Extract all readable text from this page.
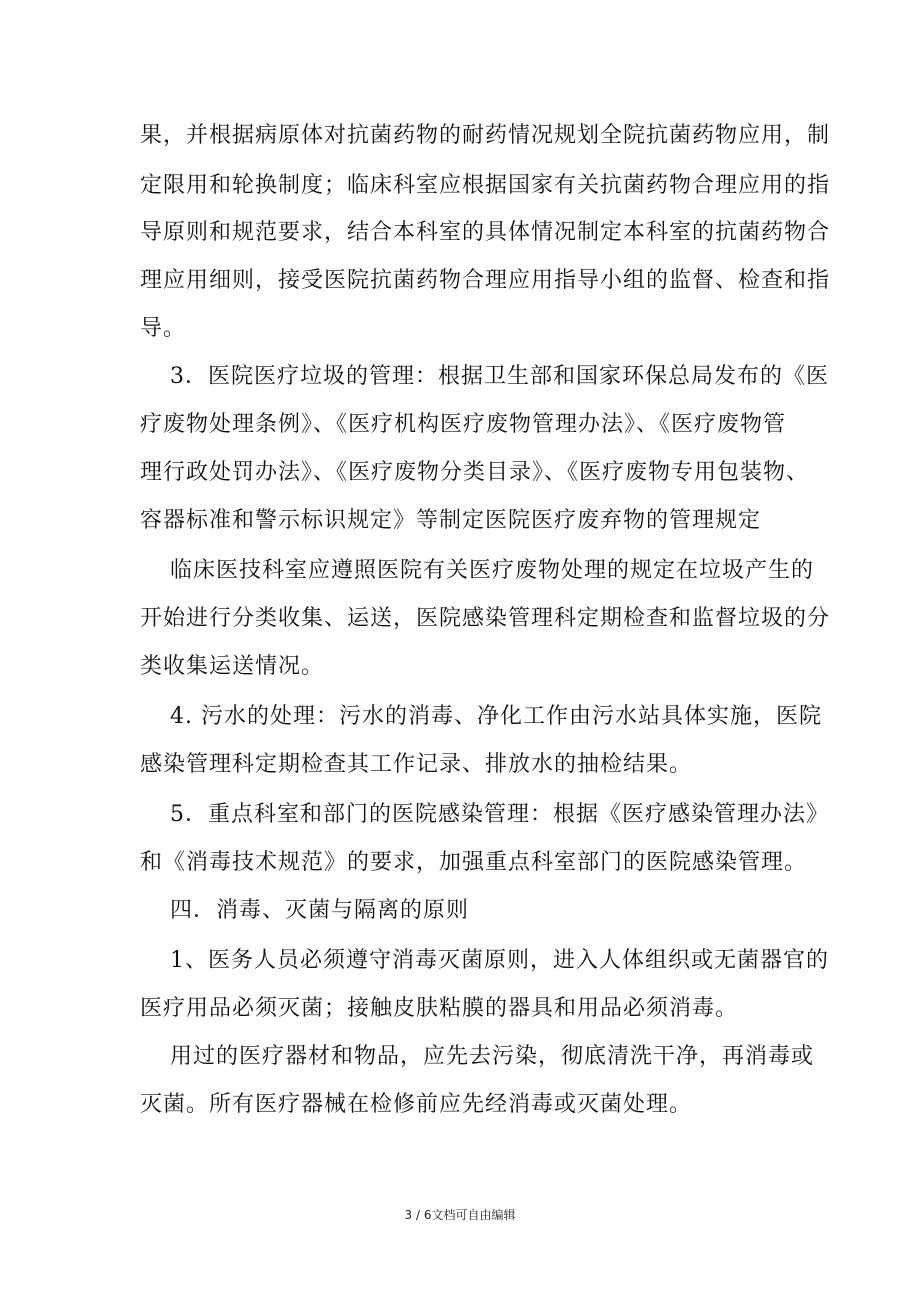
果，并根据病原体对抗菌药物的耐药情况规划全院抗菌药物应用，制
定限用和轮换制度；临床科室应根据国家有关抗菌药物合理应用的指
导原则和规范要求，结合本科室的具体情况制定本科室的抗菌药物合
理应用细则，接受医院抗菌药物合理应用指导小组的监督、检查和指
导。
3．医院医疗垃圾的管理：根据卫生部和国家环保总局发布的《医
疗废物处理条例》、《医疗机构医疗废物管理办法》、《医疗废物管
理行政处罚办法》、《医疗废物分类目录》、《医疗废物专用包装物、
容器标准和警示标识规定》等制定医院医疗废弃物的管理规定
临床医技科室应遵照医院有关医疗废物处理的规定在垃圾产生的
开始进行分类收集、运送，医院感染管理科定期检查和监督垃圾的分
类收集运送情况。
4. 污水的处理：污水的消毒、净化工作由污水站具体实施，医院
感染管理科定期检查其工作记录、排放水的抽检结果。
5．重点科室和部门的医院感染管理：根据《医疗感染管理办法》
和《消毒技术规范》的要求，加强重点科室部门的医院感染管理。
四．消毒、灭菌与隔离的原则
1、医务人员必须遵守消毒灭菌原则，进入人体组织或无菌器官的
医疗用品必须灭菌；接触皮肤粘膜的器具和用品必须消毒。
用过的医疗器材和物品，应先去污染，彻底清洗干净，再消毒或
灭菌。所有医疗器械在检修前应先经消毒或灭菌处理。
3 / 6文档可自由编辑
